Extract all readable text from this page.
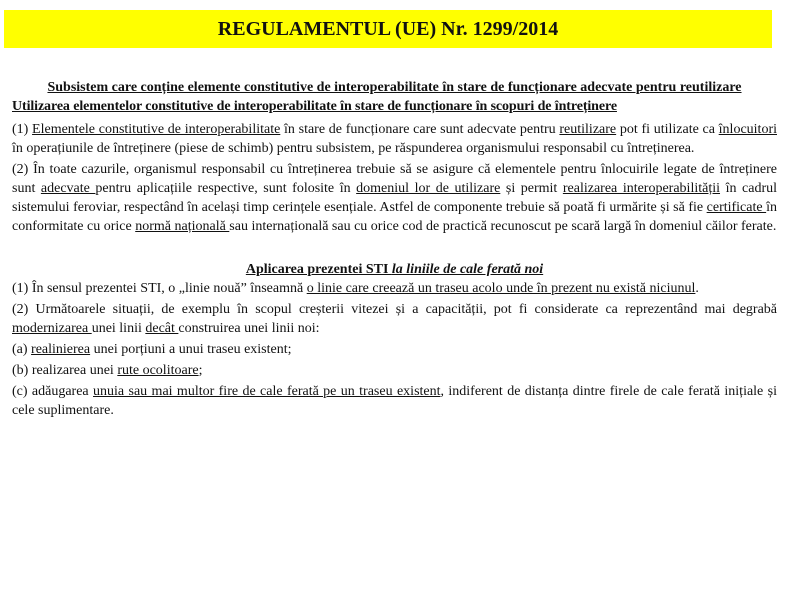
REGULAMENTUL (UE) Nr. 1299/2014

Subsistem care conține elemente constitutive de interoperabilitate în stare de funcționare adecvate pentru reutilizare

Utilizarea elementelor constitutive de interoperabilitate în stare de funcționare în scopuri de întreținere

(1) Elementele constitutive de interoperabilitate în stare de funcționare care sunt adecvate pentru reutilizare pot fi utilizate ca înlocuitori în operațiunile de întreținere (piese de schimb) pentru subsistem, pe răspunderea organismului responsabil cu întreținerea.

(2) În toate cazurile, organismul responsabil cu întreținerea trebuie să se asigure că elementele pentru înlocuirile legate de întreținere sunt adecvate pentru aplicațiile respective, sunt folosite în domeniul lor de utilizare și permit realizarea interoperabilității în cadrul sistemului feroviar, respectând în același timp cerințele esențiale. Astfel de componente trebuie să poată fi urmărite și să fie certificate în conformitate cu orice normă națională sau internațională sau cu orice cod de practică recunoscut pe scară largă în domeniul căilor ferate.

Aplicarea prezentei STI la liniile de cale ferată noi

(1) În sensul prezentei STI, o „linie nouă” înseamnă o linie care creează un traseu acolo unde în prezent nu există niciunul.

(2) Următoarele situații, de exemplu în scopul creșterii vitezei și a capacității, pot fi considerate ca reprezentând mai degrabă modernizarea unei linii decât construirea unei linii noi:

(a) realinierea unei porțiuni a unui traseu existent;

(b) realizarea unei rute ocolitoare;

(c) adăugarea unuia sau mai multor fire de cale ferată pe un traseu existent, indiferent de distanța dintre firele de cale ferată inițiale și cele suplimentare.
